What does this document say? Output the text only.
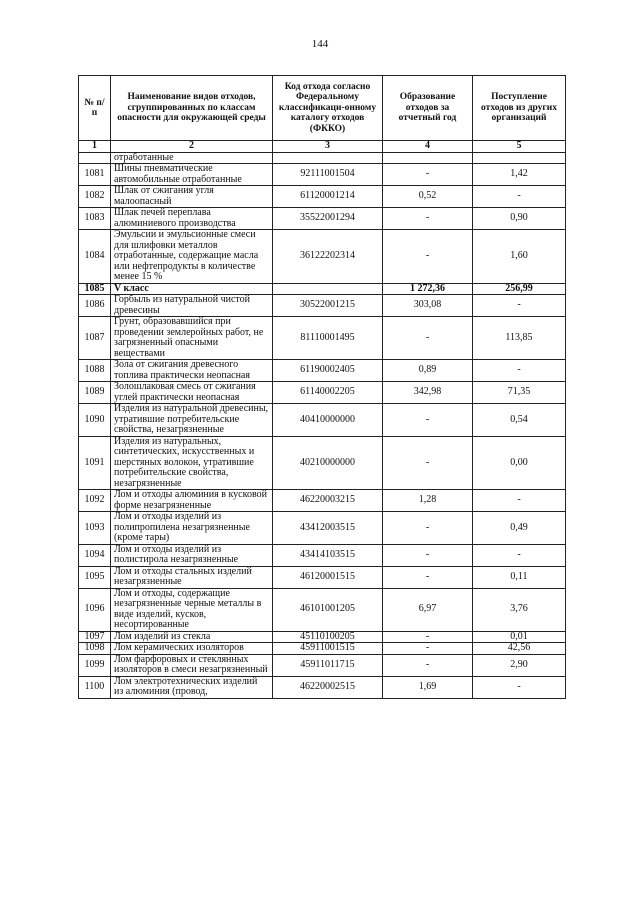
144
№ п/п	Наименование видов отходов, сгруппированных по классам опасности для окружающей среды	Код отхода согласно Федеральному классификаци-онному каталогу отходов (ФККО)	Образование отходов за отчетный год	Поступление отходов из других организаций
1	2	3	4	5
	отработанные			
1081	Шины пневматические автомобильные отработанные	92111001504	-	1,42
1082	Шлак от сжигания угля малоопасный	61120001214	0,52	-
1083	Шлак печей переплава алюминиевого производства	35522001294	-	0,90
1084	Эмульсии и эмульсионные смеси для шлифовки металлов отработанные, содержащие масла или нефтепродукты в количестве менее 15 %	36122202314	-	1,60
1085	V класс		1 272,36	256,99
1086	Горбыль из натуральной чистой древесины	30522001215	303,08	-
1087	Грунт, образовавшийся при проведении землеройных работ, не загрязненный опасными веществами	81110001495	-	113,85
1088	Зола от сжигания древесного топлива практически неопасная	61190002405	0,89	-
1089	Золошлаковая смесь от сжигания углей практически неопасная	61140002205	342,98	71,35
1090	Изделия из натуральной древесины, утратившие потребительские свойства, незагрязненные	40410000000	-	0,54
1091	Изделия из натуральных, синтетических, искусственных и шерстяных волокон, утратившие потребительские свойства, незагрязненные	40210000000	-	0,00
1092	Лом и отходы алюминия в кусковой форме незагрязненные	46220003215	1,28	-
1093	Лом и отходы изделий из полипропилена незагрязненные (кроме тары)	43412003515	-	0,49
1094	Лом и отходы изделий из полистирола незагрязненные	43414103515	-	-
1095	Лом и отходы стальных изделий незагрязненные	46120001515	-	0,11
1096	Лом и отходы, содержащие незагрязненные черные металлы в виде изделий, кусков, несортированные	46101001205	6,97	3,76
1097	Лом изделий из стекла	45110100205	-	0,01
1098	Лом керамических изоляторов	45911001515	-	42,56
1099	Лом фарфоровых и стеклянных изоляторов в смеси незагрязненный	45911011715	-	2,90
1100	Лом электротехнических изделий из алюминия (провод,	46220002515	1,69	-
